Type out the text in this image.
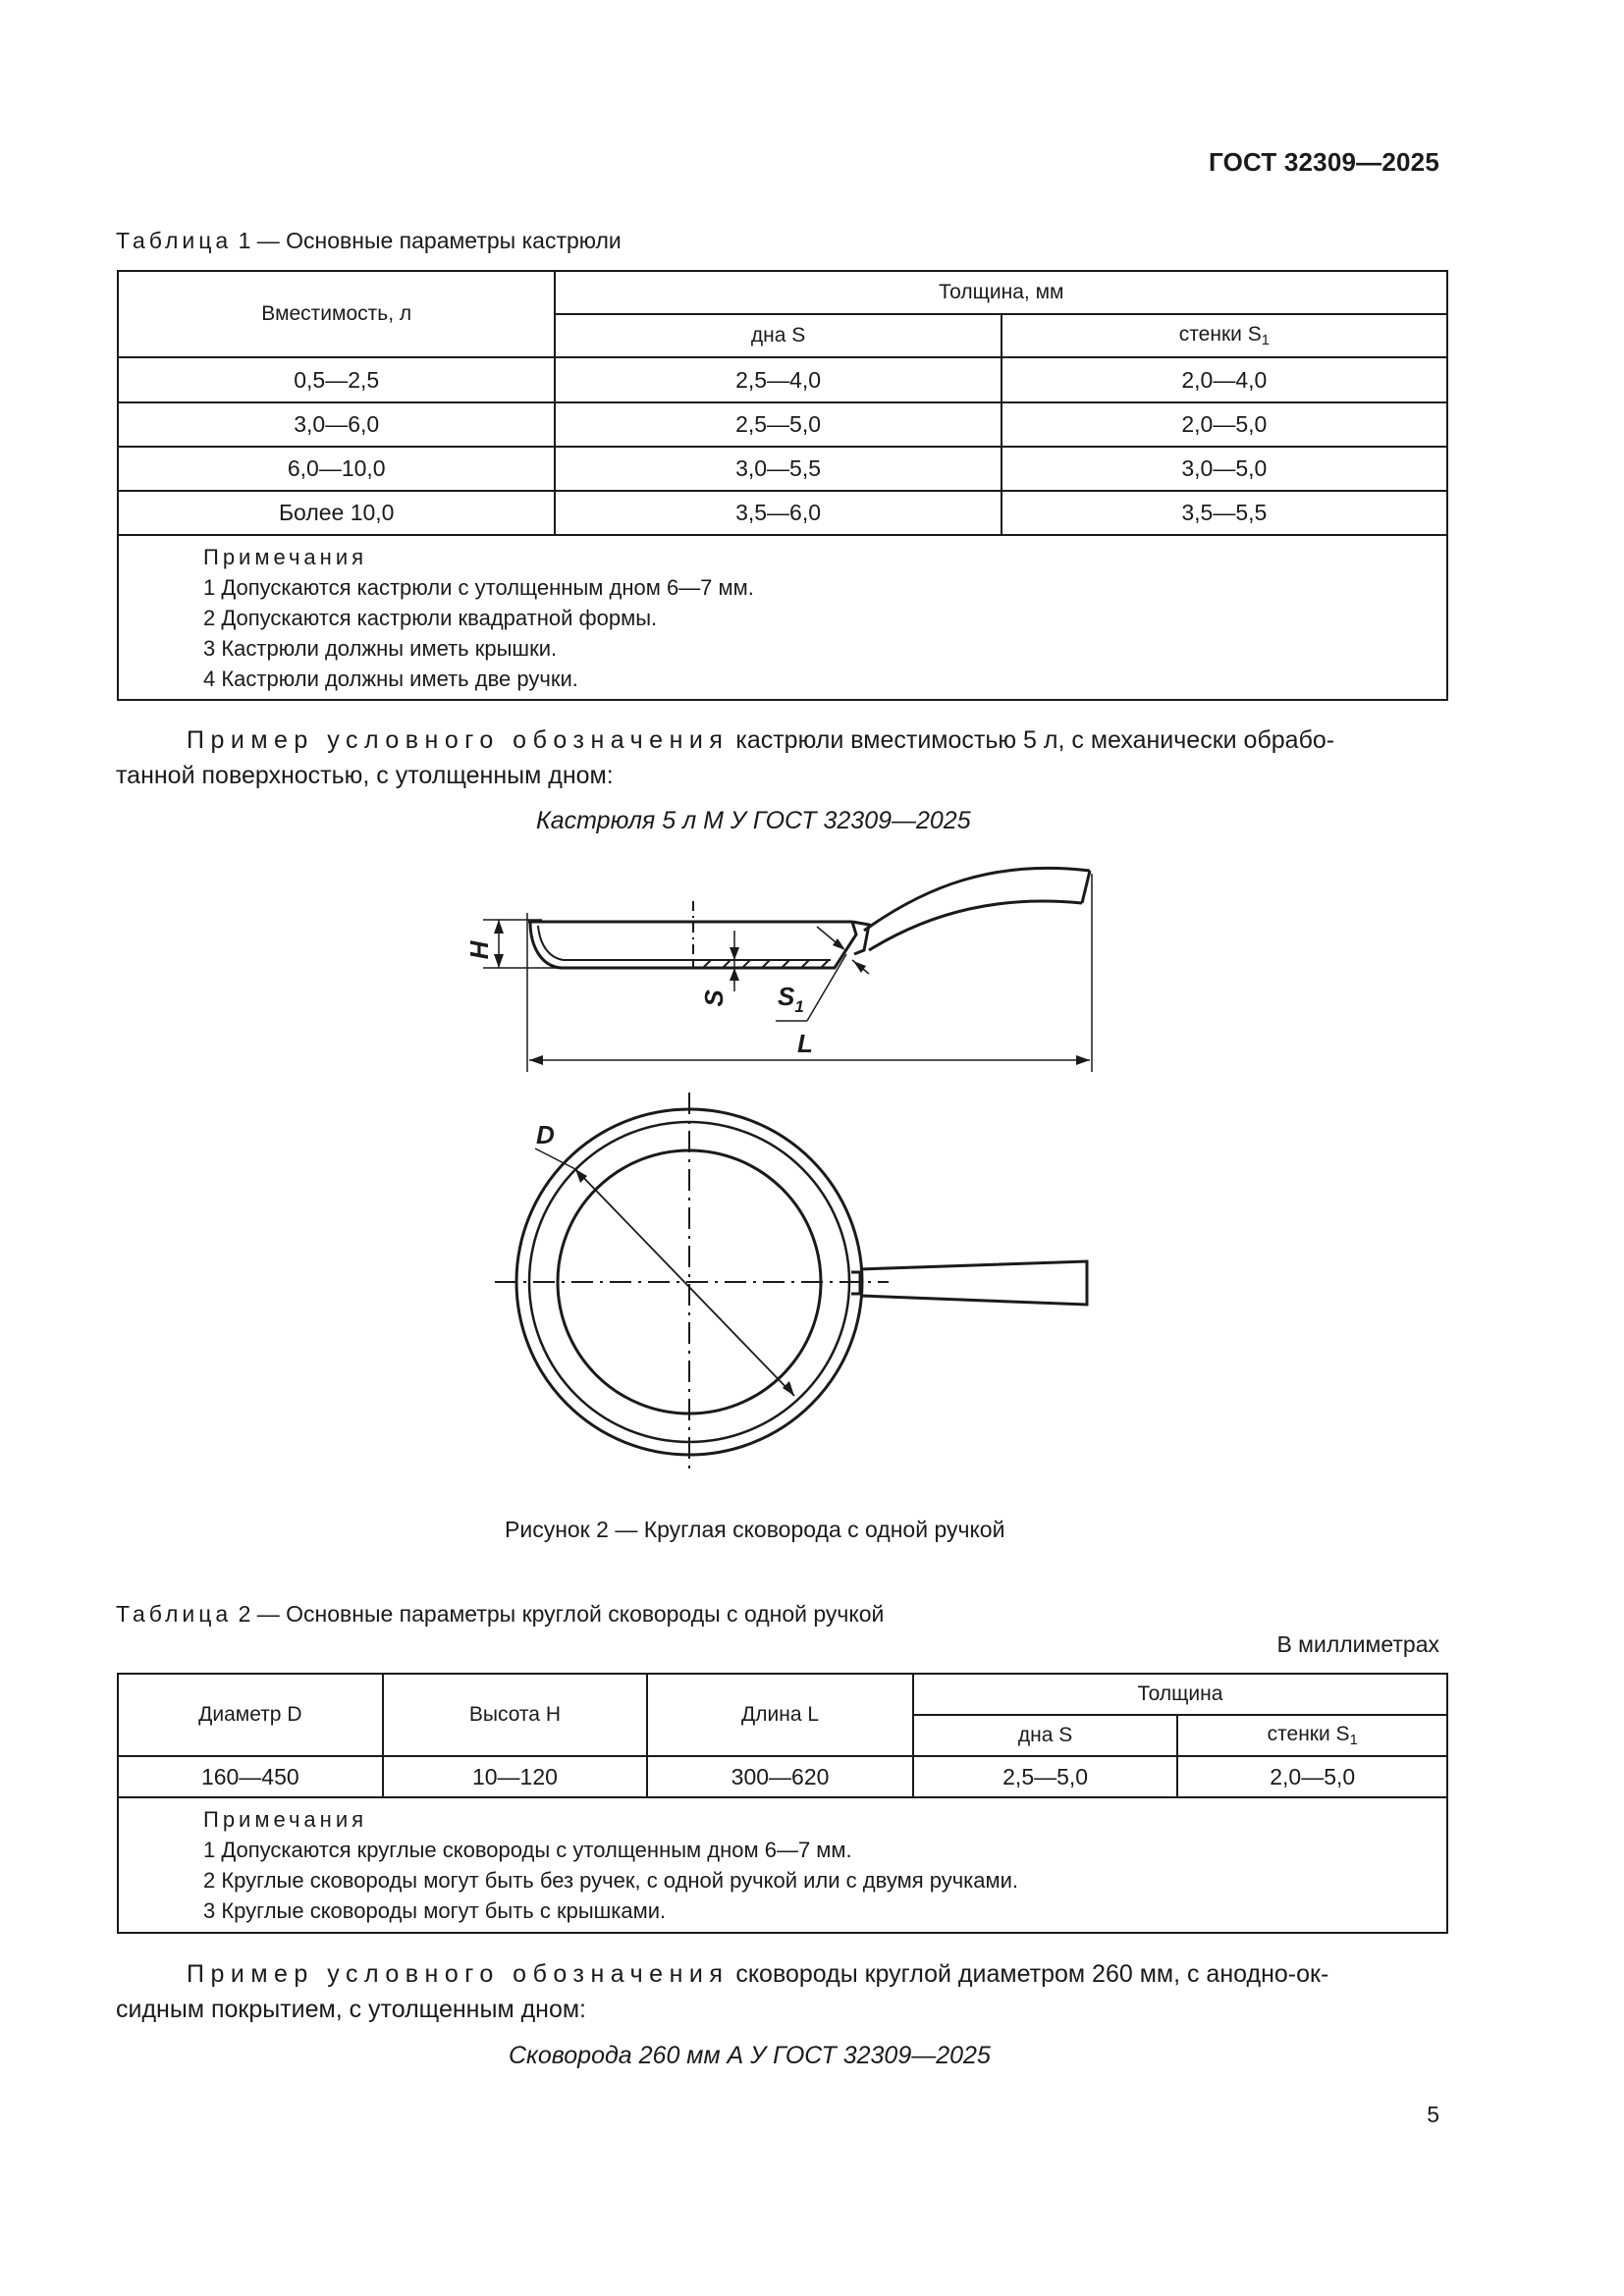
ГОСТ 32309—2025
Таблица 1 — Основные параметры кастрюли
Вместимость, л	Толщина, мм	
	дна S	стенки $S_1$
0,5—2,5	2,5—4,0	2,0—4,0
3,0—6,0	2,5—5,0	2,0—5,0
6,0—10,0	3,0—5,5	3,0—5,0
Более 10,0	3,5—6,0	3,5—5,5

Примечания
1 Допускаются кастрюли с утолщенным дном 6—7 мм.
2 Допускаются кастрюли квадратной формы.
3 Кастрюли должны иметь крышки.
4 Кастрюли должны иметь две ручки.		
Пример условного обозначения кастрюли вместимостью 5 л, с механически обрабо-
танной поверхностью, с утолщенным дном:
Кастрюля 5 л М У ГОСТ 32309—2025
H
S $S_1$
L
D
Рисунок 2 — Круглая сковорода с одной ручкой
Таблица 2 — Основные параметры круглой сковороды с одной ручкой
В миллиметрах
Диаметр D	Высота H	Длина L	Толщина	
			дна S	стенки $S_1$
160—450	10—120	300—620	2,5—5,0	2,0—5,0

Примечания
1 Допускаются круглые сковороды с утолщенным дном 6—7 мм.
2 Круглые сковороды могут быть без ручек, с одной ручкой или с двумя ручками.
3 Круглые сковороды могут быть с крышками.				
Пример условного обозначения сковороды круглой диаметром 260 мм, с анодно-ок-
сидным покрытием, с утолщенным дном:
Сковорода 260 мм А У ГОСТ 32309—2025
5
